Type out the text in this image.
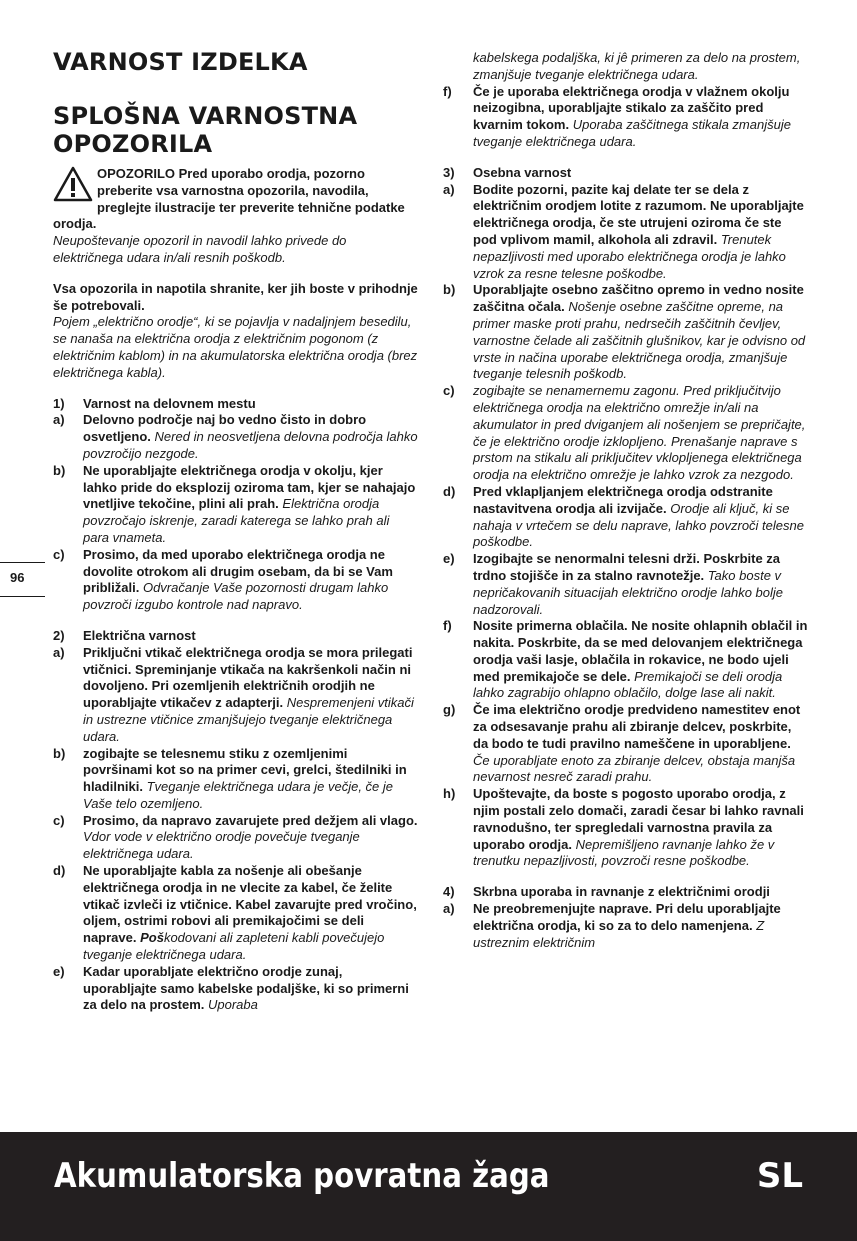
96
VARNOST IZDELKA
SPLOŠNA VARNOSTNA OPOZORILA

OPOZORILO Pred uporabo orodja, pozorno preberite vsa varnostna opozorila, navodila, preglejte ilustracije ter preverite tehnične podatke orodja.

Neupoštevanje opozoril in navodil lahko privede do električnega udara in/ali resnih poškodb.

Vsa opozorila in napotila shranite, ker jih boste v prihodnje še potrebovali.

Pojem „električno orodje“, ki se pojavlja v nadaljnjem besedilu, se nanaša na električna orodja z električnim pogonom (z električnim kablom) in na akumulatorska električna orodja (brez električnega kabla).

1) Varnost na delovnem mestu
a) Delovno področje naj bo vedno čisto in dobro osvetljeno. Nered in neosvetljena delovna področja lahko povzročijo nezgode.
b) Ne uporabljajte električnega orodja v okolju, kjer lahko pride do eksplozij oziroma tam, kjer se nahajajo vnetljive tekočine, plini ali prah. Električna orodja povzročajo iskrenje, zaradi katerega se lahko prah ali para vnameta.
c) Prosimo, da med uporabo električnega orodja ne dovolite otrokom ali drugim osebam, da bi se Vam približali. Odvračanje Vaše pozornosti drugam lahko povzroči izgubo kontrole nad napravo.
2) Električna varnost
a) Priključni vtikač električnega orodja se mora prilegati vtičnici. Spreminjanje vtikača na kakršenkoli način ni dovoljeno. Pri ozemljenih električnih orodjih ne uporabljajte vtikačev z adapterji. Nespremenjeni vtikači in ustrezne vtičnice zmanjšujejo tveganje električnega udara.
b) zogibajte se telesnemu stiku z ozemljenimi površinami kot so na primer cevi, grelci, štedilniki in hladilniki. Tveganje električnega udara je večje, če je Vaše telo ozemljeno.
c) Prosimo, da napravo zavarujete pred dežjem ali vlago. Vdor vode v električno orodje povečuje tveganje električnega udara.
d) Ne uporabljajte kabla za nošenje ali obešanje električnega orodja in ne vlecite za kabel, če želite vtikač izvleči iz vtičnice. Kabel zavarujte pred vročino, oljem, ostrimi robovi ali premikajočimi se deli naprave. Poškodovani ali zapleteni kabli povečujejo tveganje električnega udara.
e) Kadar uporabljate električno orodje zunaj, uporabljajte samo kabelske podaljške, ki so primerni za delo na prostem. Uporaba
kabelskega podaljška, ki jê primeren za delo na prostem, zmanjšuje tveganje električnega udara.
f) Če je uporaba električnega orodja v vlažnem okolju neizogibna, uporabljajte stikalo za zaščito pred kvarnim tokom. Uporaba zaščitnega stikala zmanjšuje tveganje električnega udara.
3) Osebna varnost
a) Bodite pozorni, pazite kaj delate ter se dela z električnim orodjem lotite z razumom. Ne uporabljajte električnega orodja, če ste utrujeni oziroma če ste pod vplivom mamil, alkohola ali zdravil. Trenutek nepazljivosti med uporabo električnega orodja je lahko vzrok za resne telesne poškodbe.
b) Uporabljajte osebno zaščitno opremo in vedno nosite zaščitna očala. Nošenje osebne zaščitne opreme, na primer maske proti prahu, nedrsečih zaščitnih čevljev, varnostne čelade ali zaščitnih glušnikov, kar je odvisno od vrste in načina uporabe električnega orodja, zmanjšuje tveganje telesnih poškodb.
c) zogibajte se nenamernemu zagonu. Pred priključitvijo električnega orodja na električno omrežje in/ali na akumulator in pred dviganjem ali nošenjem se prepričajte, če je električno orodje izklopljeno. Prenašanje naprave s prstom na stikalu ali priključitev vklopljenega električnega orodja na električno omrežje je lahko vzrok za nezgodo.
d) Pred vklapljanjem električnega orodja odstranite nastavitvena orodja ali izvijače. Orodje ali ključ, ki se nahaja v vrtečem se delu naprave, lahko povzroči telesne poškodbe.
e) Izogibajte se nenormalni telesni drži. Poskrbite za trdno stojišče in za stalno ravnotežje. Tako boste v nepričakovanih situacijah električno orodje lahko bolje nadzorovali.
f) Nosite primerna oblačila. Ne nosite ohlapnih oblačil in nakita. Poskrbite, da se med delovanjem električnega orodja vaši lasje, oblačila in rokavice, ne bodo ujeli med premikajoče se dele. Premikajoči se deli orodja lahko zagrabijo ohlapno oblačilo, dolge lase ali nakit.
g) Če ima električno orodje predvideno namestitev enot za odsesavanje prahu ali zbiranje delcev, poskrbite, da bodo te tudi pravilno nameščene in uporabljene. Če uporabljate enoto za zbiranje delcev, obstaja manjša nevarnost nesreč zaradi prahu.
h) Upoštevajte, da boste s pogosto uporabo orodja, z njim postali zelo domači, zaradi česar bi lahko ravnali ravnodušno, ter spregledali varnostna pravila za uporabo orodja. Nepremišljeno ravnanje lahko že v trenutku nepazljivosti, povzroči resne poškodbe.
4) Skrbna uporaba in ravnanje z električnimi orodji
a) Ne preobremenjujte naprave. Pri delu uporabljajte električna orodja, ki so za to delo namenjena. Z ustreznim električnim
Akumulatorska povratna žaga	SL
